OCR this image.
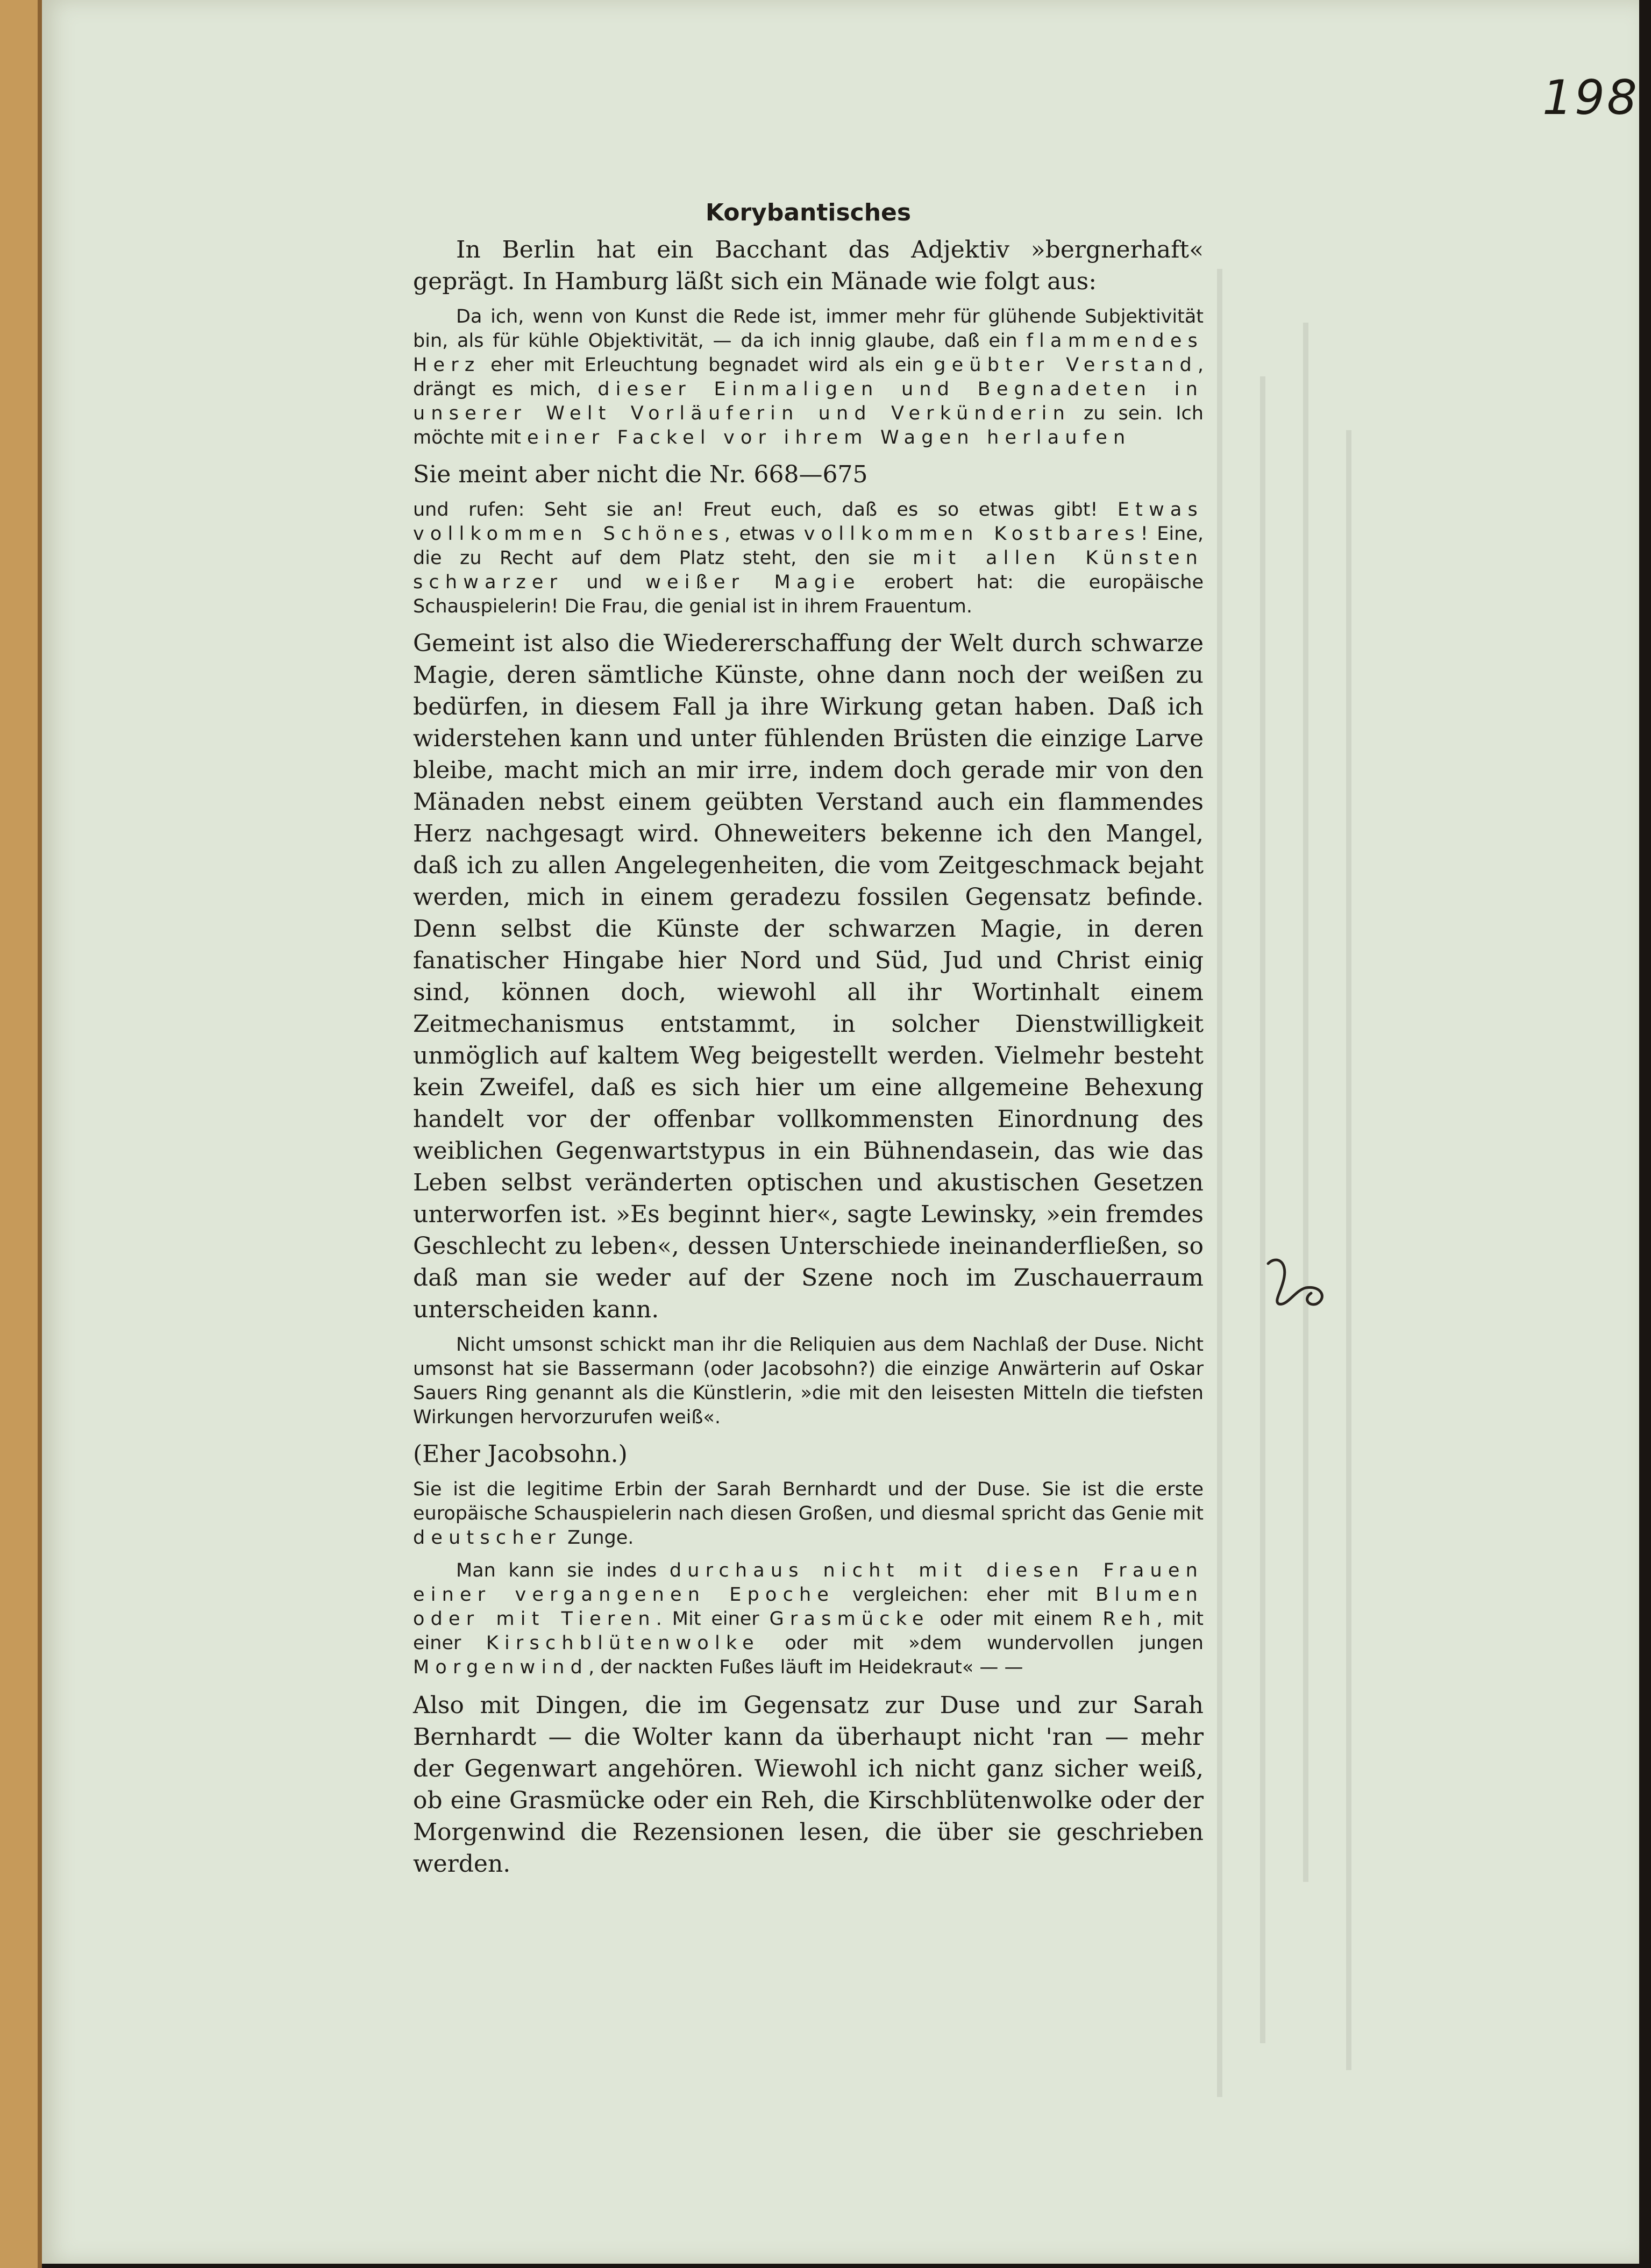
198
Korybantisches

In Berlin hat ein Bacchant das Adjektiv »bergnerhaft« geprägt. In Hamburg läßt sich ein Mänade wie folgt aus:

Da ich, wenn von Kunst die Rede ist, immer mehr für glühende Subjektivität bin, als für kühle Objektivität, — da ich innig glaube, daß ein flammendes Herz eher mit Erleuchtung begnadet wird als ein geübter Verstand, drängt es mich, dieser Einmaligen und Begnadeten in unserer Welt Vorläuferin und Verkünderin zu sein. Ich möchte mit einer Fackel vor ihrem Wagen herlaufen

Sie meint aber nicht die Nr. 668—675

und rufen: Seht sie an! Freut euch, daß es so etwas gibt! Etwas vollkommen Schönes, etwas vollkommen Kostbares! Eine, die zu Recht auf dem Platz steht, den sie mit allen Künsten schwarzer und weißer Magie erobert hat: die europäische Schauspielerin! Die Frau, die genial ist in ihrem Frauentum.

Gemeint ist also die Wiedererschaffung der Welt durch schwarze Magie, deren sämtliche Künste, ohne dann noch der weißen zu bedürfen, in diesem Fall ja ihre Wirkung getan haben. Daß ich widerstehen kann und unter fühlenden Brüsten die einzige Larve bleibe, macht mich an mir irre, indem doch gerade mir von den Mänaden nebst einem geübten Verstand auch ein flammendes Herz nachgesagt wird. Ohneweiters bekenne ich den Mangel, daß ich zu allen Angelegenheiten, die vom Zeitgeschmack bejaht werden, mich in einem geradezu fossilen Gegensatz befinde. Denn selbst die Künste der schwarzen Magie, in deren fanatischer Hingabe hier Nord und Süd, Jud und Christ einig sind, können doch, wiewohl all ihr Wortinhalt einem Zeitmechanismus entstammt, in solcher Dienstwilligkeit unmöglich auf kaltem Weg beigestellt werden. Vielmehr besteht kein Zweifel, daß es sich hier um eine allgemeine Behexung handelt vor der offenbar vollkommensten Einordnung des weiblichen Gegenwartstypus in ein Bühnendasein, das wie das Leben selbst veränderten optischen und akustischen Gesetzen unterworfen ist. »Es beginnt hier«, sagte Lewinsky, »ein fremdes Geschlecht zu leben«, dessen Unterschiede ineinanderfließen, so daß man sie weder auf der Szene noch im Zuschauerraum unterscheiden kann.

Nicht umsonst schickt man ihr die Reliquien aus dem Nachlaß der Duse. Nicht umsonst hat sie Bassermann (oder Jacobsohn?) die einzige Anwärterin auf Oskar Sauers Ring genannt als die Künstlerin, »die mit den leisesten Mitteln die tiefsten Wirkungen hervorzurufen weiß«.

(Eher Jacobsohn.)

Sie ist die legitime Erbin der Sarah Bernhardt und der Duse. Sie ist die erste europäische Schauspielerin nach diesen Großen, und diesmal spricht das Genie mit deutscher Zunge.

Man kann sie indes durchaus nicht mit diesen Frauen einer vergangenen Epoche vergleichen: eher mit Blumen oder mit Tieren. Mit einer Grasmücke oder mit einem Reh, mit einer Kirschblütenwolke oder mit »dem wundervollen jungen Morgenwind, der nackten Fußes läuft im Heidekraut« — —

Also mit Dingen, die im Gegensatz zur Duse und zur Sarah Bernhardt — die Wolter kann da überhaupt nicht 'ran — mehr der Gegenwart angehören. Wiewohl ich nicht ganz sicher weiß, ob eine Grasmücke oder ein Reh, die Kirschblütenwolke oder der Morgenwind die Rezensionen lesen, die über sie geschrieben werden.
